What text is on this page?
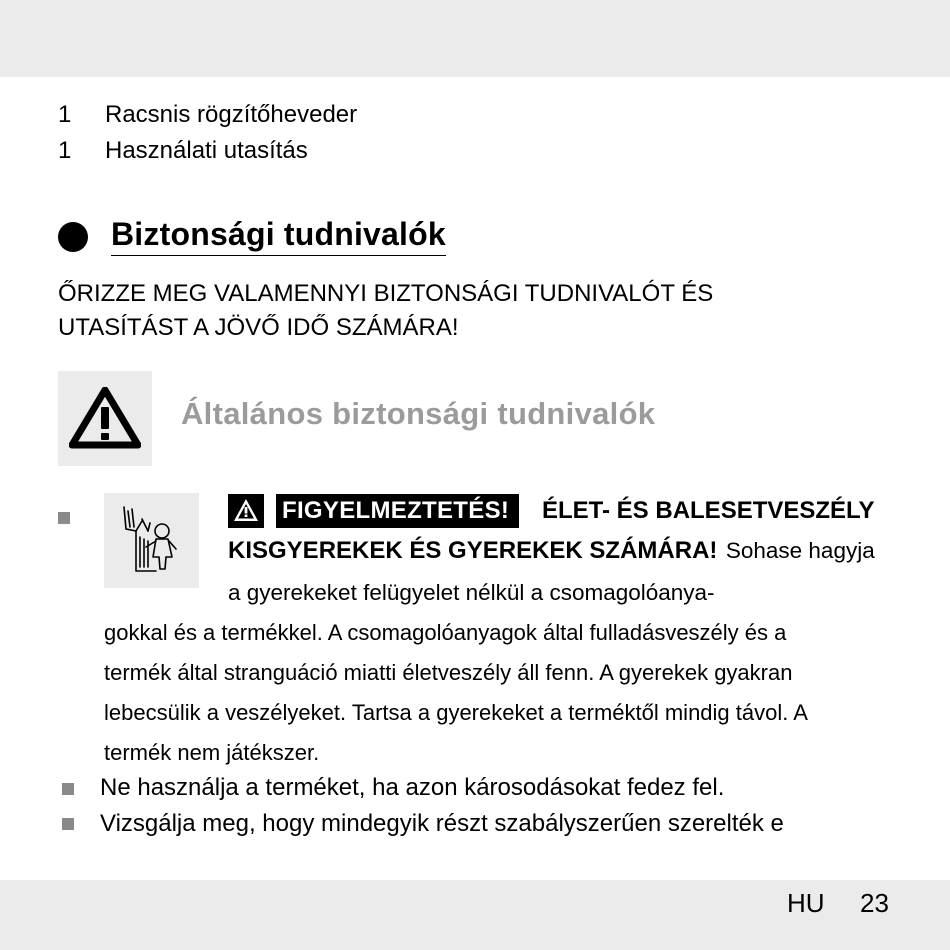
1 Racsnis rögzítőheveder
1 Használati utasítás
Biztonsági tudnivalók
ŐRIZZE MEG VALAMENNYI BIZTONSÁGI TUDNIVALÓT ÉS
UTASÍTÁST A JÖVŐ IDŐ SZÁMÁRA!
Általános biztonsági tudnivalók
FIGYELMEZTETÉS!	ÉLET- ÉS BALESETVESZÉLY
KISGYEREKEK ÉS GYEREKEK SZÁMÁRA! Sohase hagyja
a gyerekeket felügyelet nélkül a csomagolóanya-
gokkal és a termékkel. A csomagolóanyagok által fulladásveszély és a
termék által stranguáció miatti életveszély áll fenn. A gyerekek gyakran
lebecsülik a veszélyeket. Tartsa a gyerekeket a terméktől mindig távol. A
termék nem játékszer.
Ne használja a terméket, ha azon károsodásokat fedez fel.
Vizsgálja meg, hogy mindegyik részt szabályszerűen szerelték e
HU 23
